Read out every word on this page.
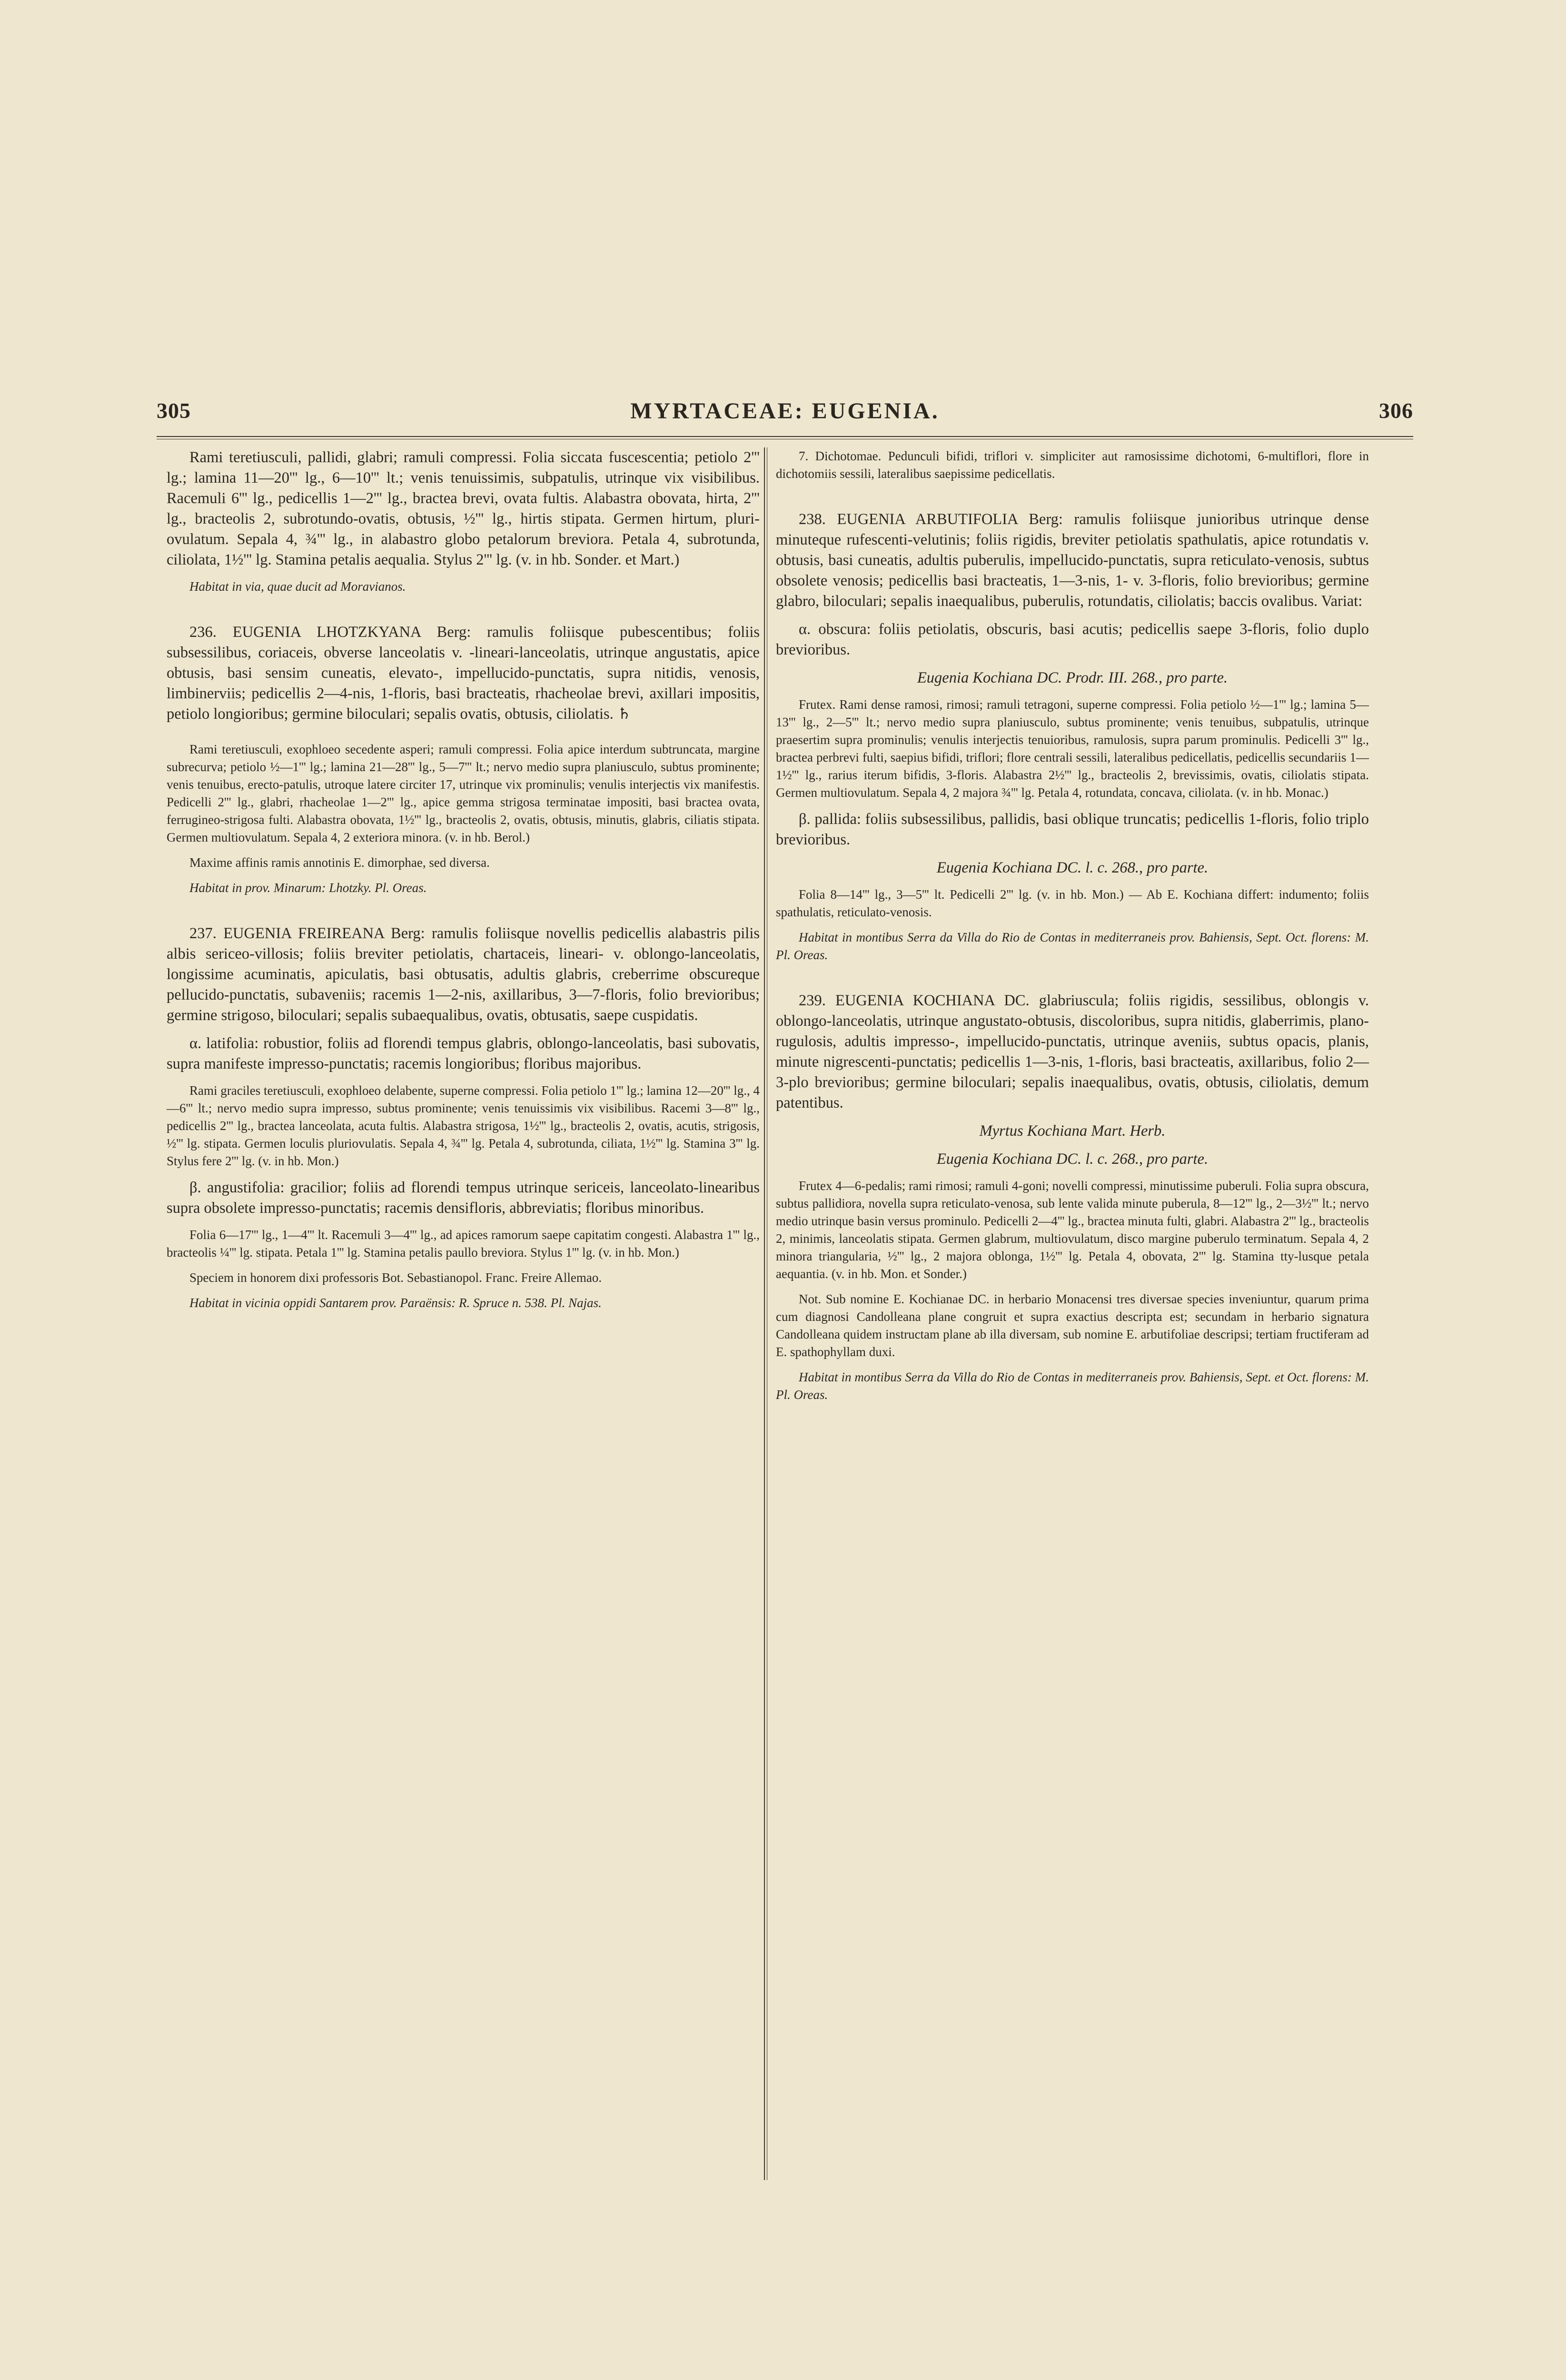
305	MYRTACEAE: EUGENIA.	306

Rami teretiusculi, pallidi, glabri; ramuli compressi. Folia siccata fuscescentia; petiolo 2''' lg.; lamina 11—20''' lg., 6—10''' lt.; venis tenuissimis, subpatulis, utrinque vix visibilibus. Racemuli 6''' lg., pedicellis 1—2''' lg., bractea brevi, ovata fultis. Alabastra obovata, hirta, 2''' lg., bracteolis 2, subrotundo-ovatis, obtusis, ½''' lg., hirtis stipata. Germen hirtum, pluri-ovulatum. Sepala 4, ¾''' lg., in alabastro globo petalorum breviora. Petala 4, subrotunda, ciliolata, 1½''' lg. Stamina petalis aequalia. Stylus 2''' lg. (v. in hb. Sonder. et Mart.)

Habitat in via, quae ducit ad Moravianos.

236. EUGENIA LHOTZKYANA Berg: ramulis foliisque pubescentibus; foliis subsessilibus, coriaceis, obverse lanceolatis v. -lineari-lanceolatis, utrinque angustatis, apice obtusis, basi sensim cuneatis, elevato-, impellucido-punctatis, supra nitidis, venosis, limbinerviis; pedicellis 2—4-nis, 1-floris, basi bracteatis, rhacheolae brevi, axillari impositis, petiolo longioribus; germine biloculari; sepalis ovatis, obtusis, ciliolatis. ♄

Rami teretiusculi, exophloeo secedente asperi; ramuli compressi. Folia apice interdum subtruncata, margine subrecurva; petiolo ½—1''' lg.; lamina 21—28''' lg., 5—7''' lt.; nervo medio supra planiusculo, subtus prominente; venis tenuibus, erecto-patulis, utroque latere circiter 17, utrinque vix prominulis; venulis interjectis vix manifestis. Pedicelli 2''' lg., glabri, rhacheolae 1—2''' lg., apice gemma strigosa terminatae impositi, basi bractea ovata, ferrugineo-strigosa fulti. Alabastra obovata, 1½''' lg., bracteolis 2, ovatis, obtusis, minutis, glabris, ciliatis stipata. Germen multiovulatum. Sepala 4, 2 exteriora minora. (v. in hb. Berol.)

Maxime affinis ramis annotinis E. dimorphae, sed diversa.

Habitat in prov. Minarum: Lhotzky. Pl. Oreas.

237. EUGENIA FREIREANA Berg: ramulis foliisque novellis pedicellis alabastris pilis albis sericeo-villosis; foliis breviter petiolatis, chartaceis, lineari- v. oblongo-lanceolatis, longissime acuminatis, apiculatis, basi obtusatis, adultis glabris, creberrime obscureque pellucido-punctatis, subaveniis; racemis 1—2-nis, axillaribus, 3—7-floris, folio brevioribus; germine strigoso, biloculari; sepalis subaequalibus, ovatis, obtusatis, saepe cuspidatis.

α. latifolia: robustior, foliis ad florendi tempus glabris, oblongo-lanceolatis, basi subovatis, supra manifeste impresso-punctatis; racemis longioribus; floribus majoribus.

Rami graciles teretiusculi, exophloeo delabente, superne compressi. Folia petiolo 1''' lg.; lamina 12—20''' lg., 4—6''' lt.; nervo medio supra impresso, subtus prominente; venis tenuissimis vix visibilibus. Racemi 3—8''' lg., pedicellis 2''' lg., bractea lanceolata, acuta fultis. Alabastra strigosa, 1½''' lg., bracteolis 2, ovatis, acutis, strigosis, ½''' lg. stipata. Germen loculis pluriovulatis. Sepala 4, ¾''' lg. Petala 4, subrotunda, ciliata, 1½''' lg. Stamina 3''' lg. Stylus fere 2''' lg. (v. in hb. Mon.)

β. angustifolia: gracilior; foliis ad florendi tempus utrinque sericeis, lanceolato-linearibus supra obsolete impresso-punctatis; racemis densifloris, abbreviatis; floribus minoribus.

Folia 6—17''' lg., 1—4''' lt. Racemuli 3—4''' lg., ad apices ramorum saepe capitatim congesti. Alabastra 1''' lg., bracteolis ¼''' lg. stipata. Petala 1''' lg. Stamina petalis paullo breviora. Stylus 1''' lg. (v. in hb. Mon.)

Speciem in honorem dixi professoris Bot. Sebastianopol. Franc. Freire Allemao.

Habitat in vicinia oppidi Santarem prov. Paraënsis: R. Spruce n. 538. Pl. Najas.

7. Dichotomae. Pedunculi bifidi, triflori v. simpliciter aut ramosissime dichotomi, 6-multiflori, flore in dichotomiis sessili, lateralibus saepissime pedicellatis.

238. EUGENIA ARBUTIFOLIA Berg: ramulis foliisque junioribus utrinque dense minuteque rufescenti-velutinis; foliis rigidis, breviter petiolatis spathulatis, apice rotundatis v. obtusis, basi cuneatis, adultis puberulis, impellucido-punctatis, supra reticulato-venosis, subtus obsolete venosis; pedicellis basi bracteatis, 1—3-nis, 1- v. 3-floris, folio brevioribus; germine glabro, biloculari; sepalis inaequalibus, puberulis, rotundatis, ciliolatis; baccis ovalibus. Variat:

α. obscura: foliis petiolatis, obscuris, basi acutis; pedicellis saepe 3-floris, folio duplo brevioribus.

Eugenia Kochiana DC. Prodr. III. 268., pro parte.

Frutex. Rami dense ramosi, rimosi; ramuli tetragoni, superne compressi. Folia petiolo ½—1''' lg.; lamina 5—13''' lg., 2—5''' lt.; nervo medio supra planiusculo, subtus prominente; venis tenuibus, subpatulis, utrinque praesertim supra prominulis; venulis interjectis tenuioribus, ramulosis, supra parum prominulis. Pedicelli 3''' lg., bractea perbrevi fulti, saepius bifidi, triflori; flore centrali sessili, lateralibus pedicellatis, pedicellis secundariis 1—1½''' lg., rarius iterum bifidis, 3-floris. Alabastra 2½''' lg., bracteolis 2, brevissimis, ovatis, ciliolatis stipata. Germen multiovulatum. Sepala 4, 2 majora ¾''' lg. Petala 4, rotundata, concava, ciliolata. (v. in hb. Monac.)

β. pallida: foliis subsessilibus, pallidis, basi oblique truncatis; pedicellis 1-floris, folio triplo brevioribus.

Eugenia Kochiana DC. l. c. 268., pro parte.

Folia 8—14''' lg., 3—5''' lt. Pedicelli 2''' lg. (v. in hb. Mon.) — Ab E. Kochiana differt: indumento; foliis spathulatis, reticulato-venosis.

Habitat in montibus Serra da Villa do Rio de Contas in mediterraneis prov. Bahiensis, Sept. Oct. florens: M. Pl. Oreas.

239. EUGENIA KOCHIANA DC. glabriuscula; foliis rigidis, sessilibus, oblongis v. oblongo-lanceolatis, utrinque angustato-obtusis, discoloribus, supra nitidis, glaberrimis, plano-rugulosis, adultis impresso-, impellucido-punctatis, utrinque aveniis, subtus opacis, planis, minute nigrescenti-punctatis; pedicellis 1—3-nis, 1-floris, basi bracteatis, axillaribus, folio 2—3-plo brevioribus; germine biloculari; sepalis inaequalibus, ovatis, obtusis, ciliolatis, demum patentibus.

Myrtus Kochiana Mart. Herb.

Eugenia Kochiana DC. l. c. 268., pro parte.

Frutex 4—6-pedalis; rami rimosi; ramuli 4-goni; novelli compressi, minutissime puberuli. Folia supra obscura, subtus pallidiora, novella supra reticulato-venosa, sub lente valida minute puberula, 8—12''' lg., 2—3½''' lt.; nervo medio utrinque basin versus prominulo. Pedicelli 2—4''' lg., bractea minuta fulti, glabri. Alabastra 2''' lg., bracteolis 2, minimis, lanceolatis stipata. Germen glabrum, multiovulatum, disco margine puberulo terminatum. Sepala 4, 2 minora triangularia, ½''' lg., 2 majora oblonga, 1½''' lg. Petala 4, obovata, 2''' lg. Stamina tty-lusque petala aequantia. (v. in hb. Mon. et Sonder.)

Not. Sub nomine E. Kochianae DC. in herbario Monacensi tres diversae species inveniuntur, quarum prima cum diagnosi Candolleana plane congruit et supra exactius descripta est; secundam in herbario signatura Candolleana quidem instructam plane ab illa diversam, sub nomine E. arbutifoliae descripsi; tertiam fructiferam ad E. spathophyllam duxi.

Habitat in montibus Serra da Villa do Rio de Contas in mediterraneis prov. Bahiensis, Sept. et Oct. florens: M. Pl. Oreas.
